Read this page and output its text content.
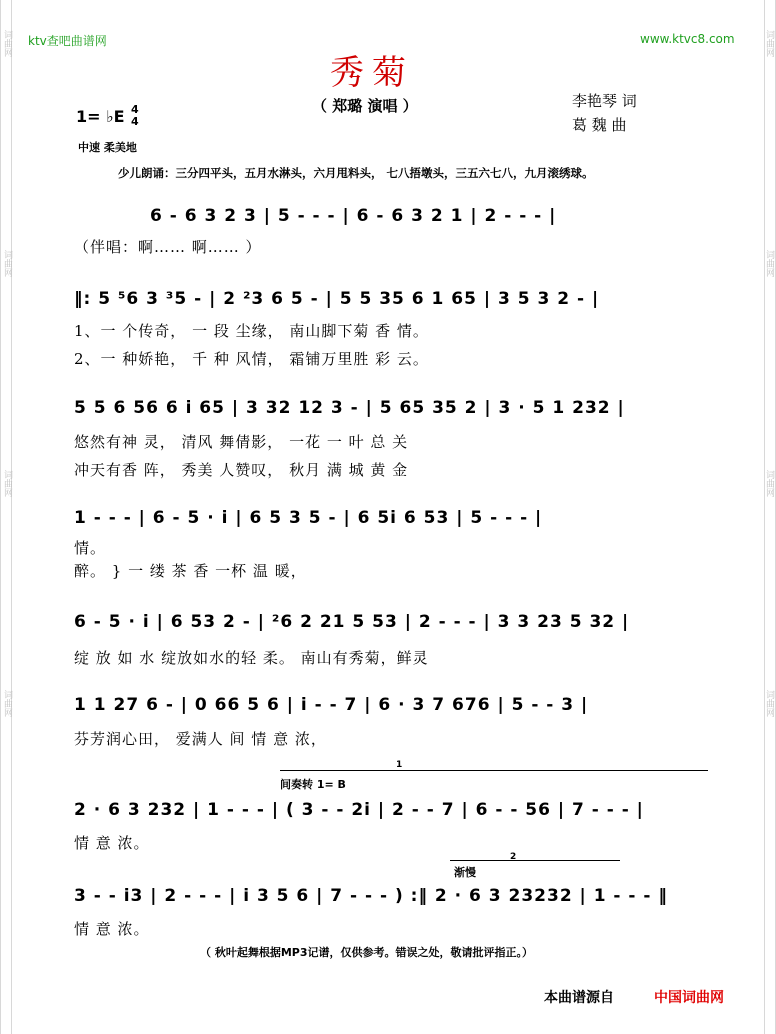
词曲网
词曲网
词曲网
词曲网
词曲网
词曲网
词曲网
词曲网
ktv查吧曲谱网	www.ktvc8.com
秀菊
（ 郑璐 演唱 ）	李艳琴 词
葛 魏 曲
1= ♭E 4
4
中速 柔美地
少儿朗诵：三分四平头，五月水淋头，六月甩料头， 七八捂墩头，三五六七八，九月滚绣球。
6 - 6 3 2 3 | 5 - - - | 6 - 6 3 2 1 | 2 - - - |
（伴唱：啊…… 啊…… ）
‖: 5 ⁵6 3 ³5 - | 2 ²3 6 5 - | 5 5 35 6 1 65 | 3 5 3 2 - |
1、一 个传奇， 一 段 尘缘， 南山脚下菊 香 情。
2、一 种娇艳， 千 种 风情， 霜铺万里胜 彩 云。
5 5 6 56 6 i 65 | 3 32 12 3 - | 5 65 35 2 | 3 · 5 1 232 |
悠然有神 灵， 清风 舞倩影， 一花 一 叶 总 关
冲天有香 阵， 秀美 人赞叹， 秋月 满 城 黄 金
1 - - - | 6 - 5 · i | 6 5 3 5 - | 6 5i 6 53 | 5 - - - |
情。
醉。 } 一 缕 茶 香 一杯 温 暖，
6 - 5 · i | 6 53 2 - | ²6 2 21 5 53 | 2 - - - | 3 3 23 5 32 |
绽 放 如 水 绽放如水的轻 柔。 南山有秀菊，鲜灵
1 1 27 6 - | 0 66 5 6 | i - - 7 | 6 · 3 7 676 | 5 - - 3 |
芬芳润心田， 爱满人 间 情 意 浓，
间奏转 1= B
1
2 · 6 3 232 | 1 - - - | ( 3 - - 2i | 2 - - 7 | 6 - - 56 | 7 - - - |
情 意 浓。
2
渐慢
3 - - i3 | 2 - - - | i 3 5 6 | 7 - - - ) :‖ 2 · 6 3 23232 | 1 - - - ‖
情 意 浓。
（ 秋叶起舞根据MP3记谱，仅供参考。错误之处，敬请批评指正。）
本曲谱源自	中国词曲网
